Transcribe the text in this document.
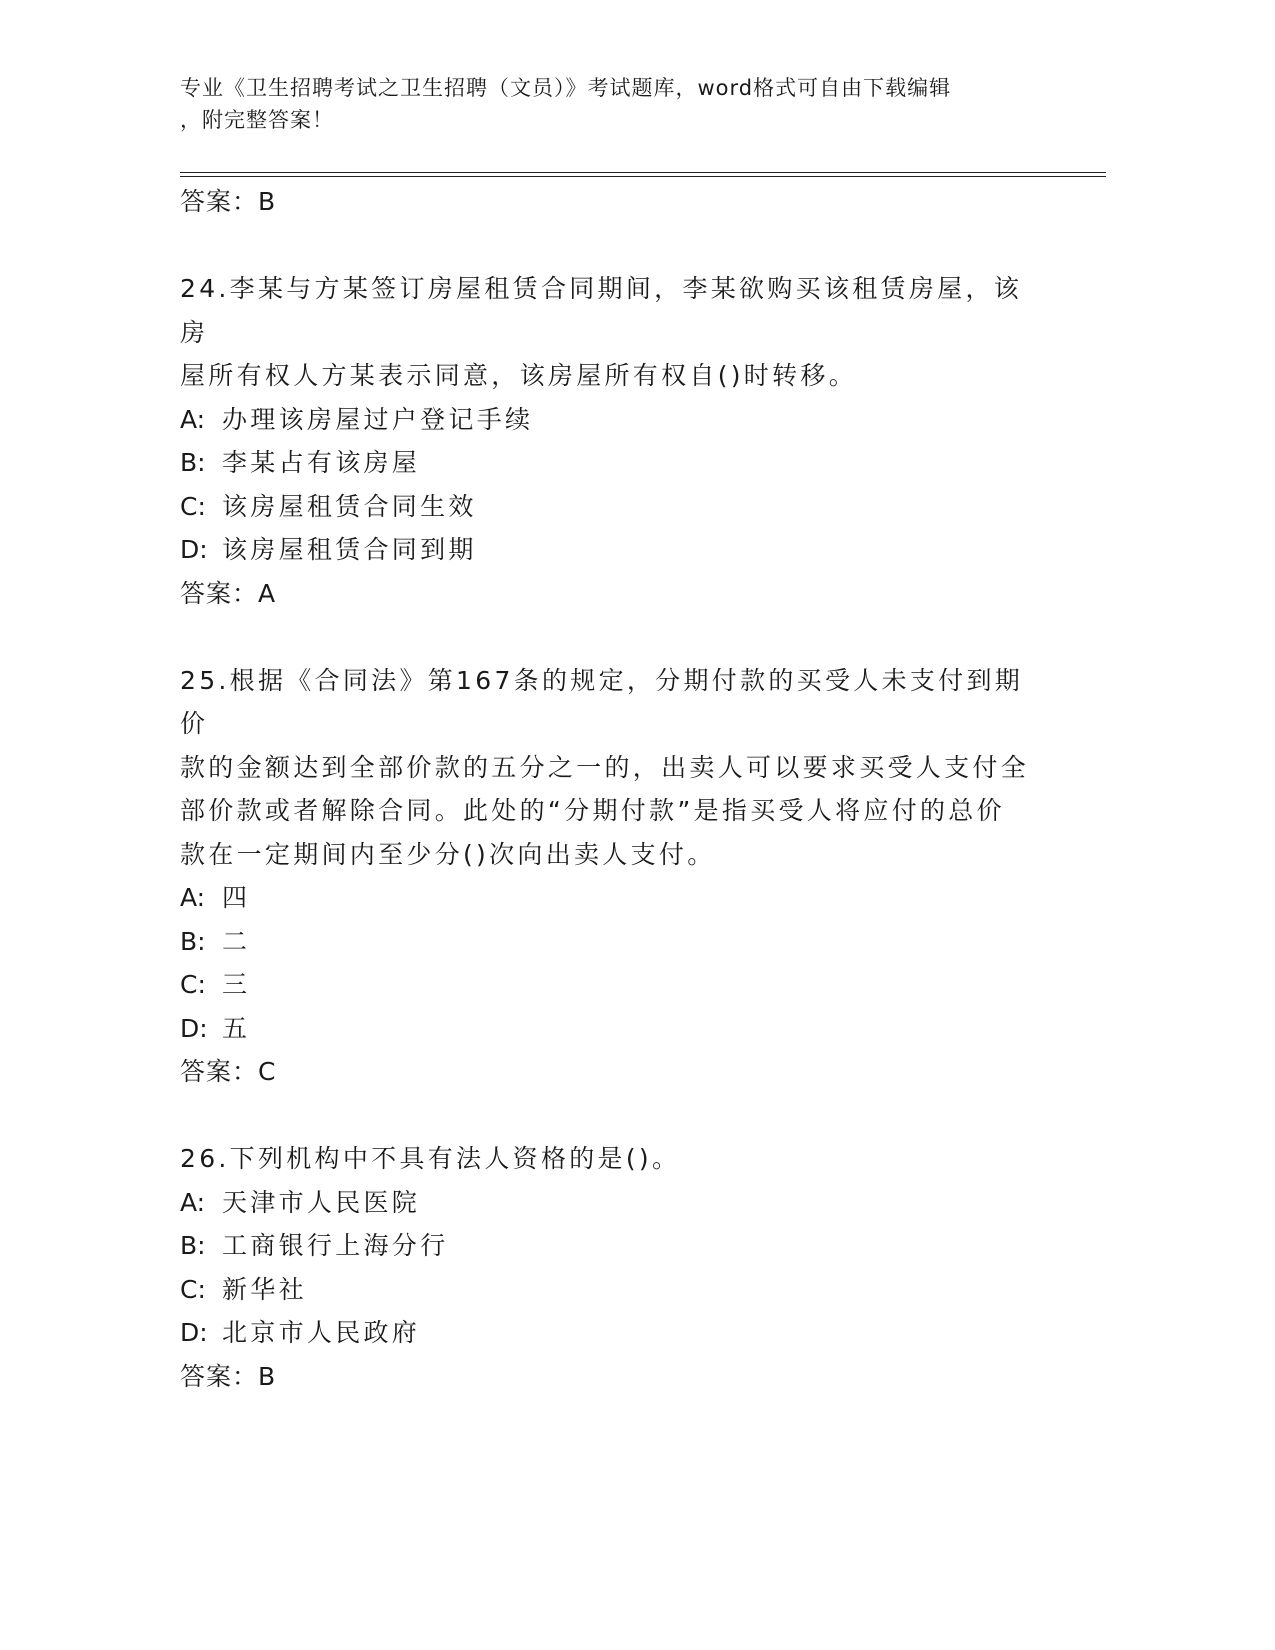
专业《卫生招聘考试之卫生招聘（文员）》考试题库，word格式可自由下载编辑
，附完整答案！
答案：B
24.李某与方某签订房屋租赁合同期间，李某欲购买该租赁房屋，该房
屋所有权人方某表示同意，该房屋所有权自()时转移。
A: 办理该房屋过户登记手续
B: 李某占有该房屋
C: 该房屋租赁合同生效
D: 该房屋租赁合同到期
答案：A
25.根据《合同法》第167条的规定，分期付款的买受人未支付到期价
款的金额达到全部价款的五分之一的，出卖人可以要求买受人支付全
部价款或者解除合同。此处的“分期付款”是指买受人将应付的总价
款在一定期间内至少分()次向出卖人支付。
A: 四
B: 二
C: 三
D: 五
答案：C
26.下列机构中不具有法人资格的是()。
A: 天津市人民医院
B: 工商银行上海分行
C: 新华社
D: 北京市人民政府
答案：B
